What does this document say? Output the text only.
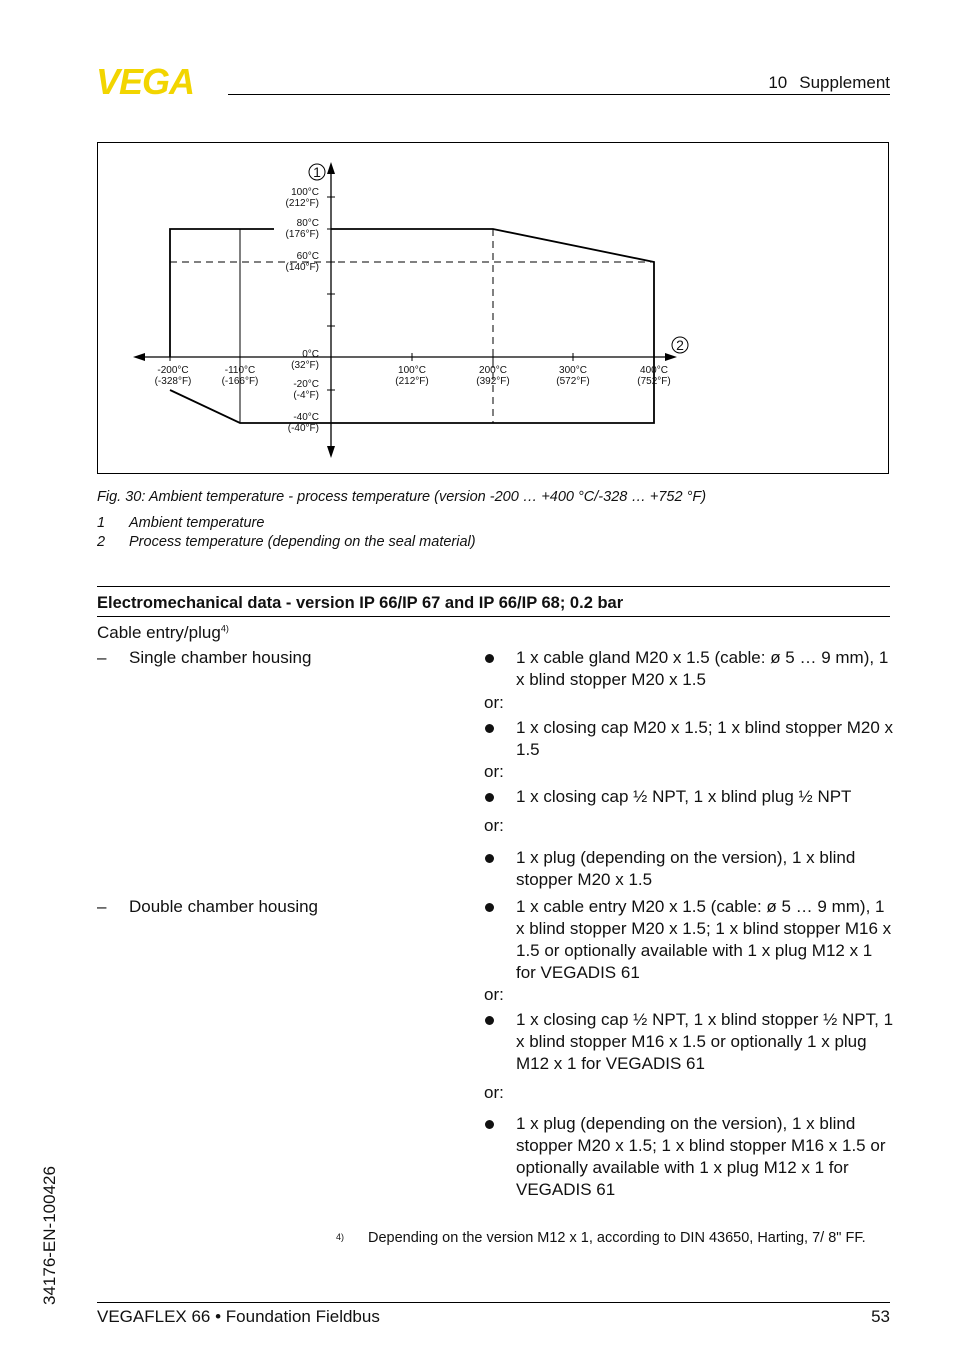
VEGA	10 Supplement
100°C
(212°F)
80°C
(176°F)
60°C
(140°F)
0°C
(32°F)
-20°C
(-4°F)
-40°C
(-40°F)
-200°C
(-328°F)
-110°C
(-166°F)
100°C
(212°F)
200°C
(392°F)
300°C
(572°F)
400°C
(752°F)
1
2
Fig. 30: Ambient temperature - process temperature (version -200 … +400 °C/-328 … +752 °F)
1 Ambient temperature
2 Process temperature (depending on the seal material)
Electromechanical data - version IP 66/IP 67 and IP 66/IP 68; 0.2 bar
Cable entry/plug$^{4)}$
– Single chamber housing	1 x cable gland M20 x 1.5 (cable: ø 5 … 9 mm), 1 x blind stopper M20 x 1.5
or:
1 x closing cap M20 x 1.5; 1 x blind stopper M20 x 1.5
or:
1 x closing cap ½ NPT, 1 x blind plug ½ NPT
or:
1 x plug (depending on the version), 1 x blind stopper M20 x 1.5
– Double chamber housing	1 x cable entry M20 x 1.5 (cable: ø 5 … 9 mm), 1 x blind stopper M20 x 1.5; 1 x blind stopper M16 x 1.5 or optionally available with 1 x plug M12 x 1 for VEGADIS 61
or:
1 x closing cap ½ NPT, 1 x blind stopper ½ NPT, 1 x blind stopper M16 x 1.5 or optionally 1 x plug M12 x 1 for VEGADIS 61
or:
1 x plug (depending on the version), 1 x blind stopper M20 x 1.5; 1 x blind stopper M16 x 1.5 or optionally available with 1 x plug M12 x 1 for VEGADIS 61
4) Depending on the version M12 x 1, according to DIN 43650, Harting, 7/ 8" FF.
34176-EN-100426
VEGAFLEX 66 • Foundation Fieldbus	53
